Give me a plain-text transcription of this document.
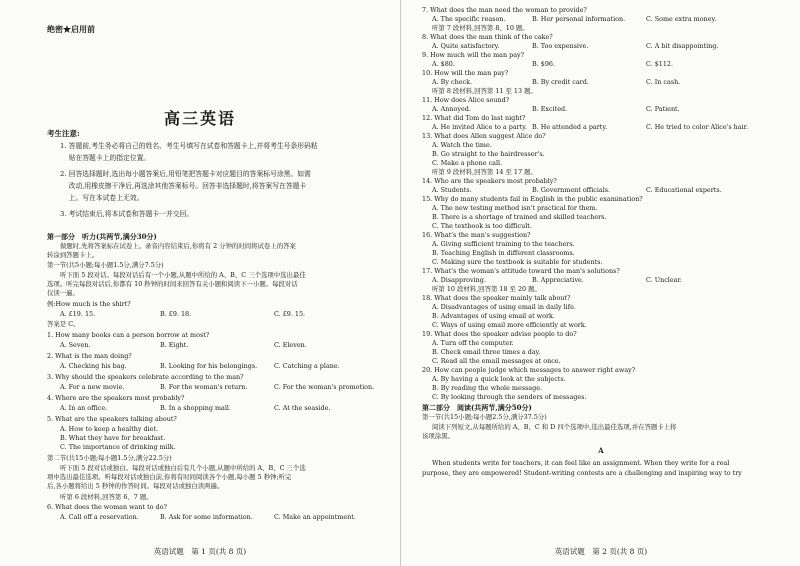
绝密★启用前
高三英语
考生注意:
1. 答题前,考生务必将自己的姓名、考生号填写在试卷和答题卡上,并将考生号条形码粘
贴在答题卡上的指定位置。
2. 回答选择题时,选出每小题答案后,用铅笔把答题卡对应题目的答案标号涂黑。如需
改动,用橡皮擦干净后,再选涂其他答案标号。回答非选择题时,将答案写在答题卡
上。写在本试卷上无效。
3. 考试结束后,将本试卷和答题卡一并交回。
第一部分　听力(共两节,满分30分)
做题时,先将答案标在试卷上。录音内容结束后,你将有 2 分钟的时间将试卷上的答案
转涂到答题卡上。
第一节(共5小题;每小题1.5分,满分7.5分)
听下面 5 段对话。每段对话后有一个小题,从题中所给的 A、B、C 三个选项中选出最佳
选项。听完每段对话后,你都有 10 秒钟的时间来回答有关小题和阅读下一小题。每段对话
仅读一遍。
例:How much is the shirt?
A. £19. 15.	B. £9. 18.	C. £9. 15.
答案是 C。
1. How many books can a person borrow at most?
A. Seven.	B. Eight.	C. Eleven.
2. What is the man doing?
A. Checking his bag.	B. Looking for his belongings.	C. Catching a plane.
3. Why should the speakers celebrate according to the man?
A. For a new movie.	B. For the woman's return.	C. For the woman's promotion.
4. Where are the speakers most probably?
A. In an office.	B. In a shopping mall.	C. At the seaside.
5. What are the speakers talking about?
A. How to keep a healthy diet.
B. What they have for breakfast.
C. The importance of drinking milk.
第二节(共15小题;每小题1.5分,满分22.5分)
听下面 5 段对话或独白。每段对话或独白后有几个小题,从题中所给的 A、B、C 三个选
项中选出最佳选项。听每段对话或独白前,你将有时间阅读各个小题,每小题 5 秒钟;听完
后,各小题将给出 5 秒钟的作答时间。每段对话或独白读两遍。
听第 6 段材料,回答第 6、7 题。
6. What does the woman want to do?
A. Call off a reservation.	B. Ask for some information.	C. Make an appointment.
英语试题　第 1 页(共 8 页)
7. What does the man need the woman to provide?
A. The specific reason.	B. Her personal information.	C. Some extra money.
听第 7 段材料,回答第 8、10 题。
8. What does the man think of the cake?
A. Quite satisfactory.	B. Too expensive.	C. A bit disappointing.
9. How much will the man pay?
A. $80.	B. $96.	C. $112.
10. How will the man pay?
A. By check.	B. By credit card.	C. In cash.
听第 8 段材料,回答第 11 至 13 题。
11. How does Alice sound?
A. Annoyed.	B. Excited.	C. Patient.
12. What did Tom do last night?
A. He invited Alice to a party. B. He attended a party.	C. He tried to color Alice's hair.
13. What does Allen suggest Alice do?
A. Watch the time.
B. Go straight to the hairdresser's.
C. Make a phone call.
听第 9 段材料,回答第 14 至 17 题。
14. Who are the speakers most probably?
A. Students.	B. Government officials.	C. Educational experts.
15. Why do many students fail in English in the public examination?
A. The new testing method isn't practical for them.
B. There is a shortage of trained and skilled teachers.
C. The textbook is too difficult.
16. What's the man's suggestion?
A. Giving sufficient training to the teachers.
B. Teaching English in different classrooms.
C. Making sure the textbook is suitable for students.
17. What's the woman's attitude toward the man's solutions?
A. Disapproving.	B. Appreciative.	C. Unclear.
听第 10 段材料,回答第 18 至 20 题。
18. What does the speaker mainly talk about?
A. Disadvantages of using email in daily life.
B. Advantages of using email at work.
C. Ways of using email more efficiently at work.
19. What does the speaker advise people to do?
A. Turn off the computer.
B. Check email three times a day.
C. Read all the email messages at once.
20. How can people judge which messages to answer right away?
A. By having a quick look at the subjects.
B. By reading the whole message.
C. By looking through the senders of messages.
第二部分　阅读(共两节,满分50分)
第一节(共15小题;每小题2.5分,满分37.5分)
阅读下列短文,从每题所给的 A、B、C 和 D 四个选项中,选出最佳选项,并在答题卡上将
该项涂黑。
A
When students write for teachers, it can feel like an assignment. When they write for a real
purpose, they are empowered! Student-writing contests are a challenging and inspiring way to try
英语试题　第 2 页(共 8 页)
